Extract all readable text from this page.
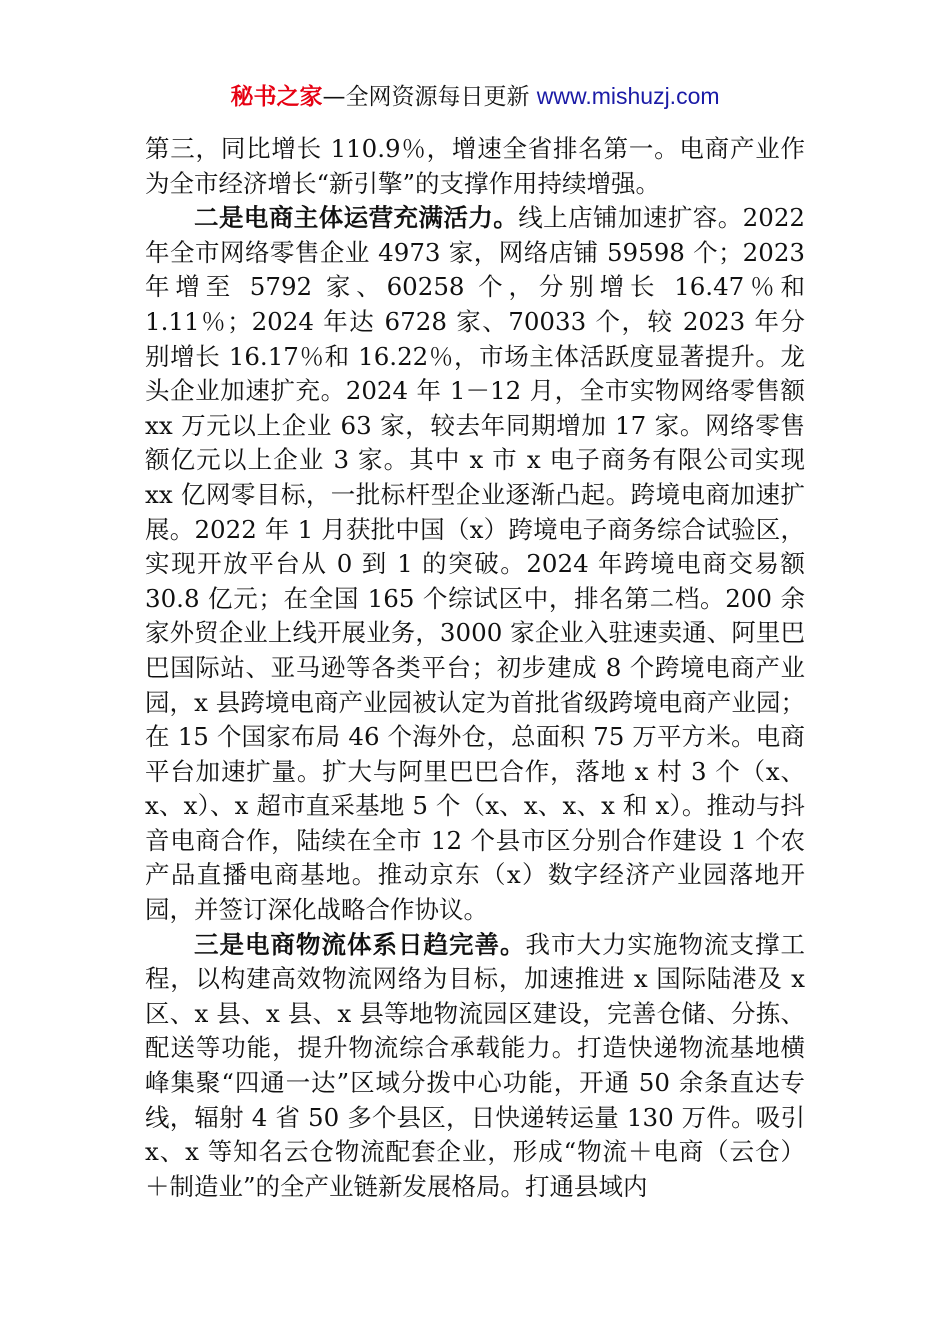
秘书之家—全网资源每日更新 www.mishuzj.com

第三，同比增长 110.9％，增速全省排名第一。电商产业作为全市经济增长“新引擎”的支撑作用持续增强。

二是电商主体运营充满活力。线上店铺加速扩容。2022 年全市网络零售企业 4973 家，网络店铺 59598 个；2023 年增至 5792 家、60258 个，分别增长 16.47％和 1.11％；2024 年达 6728 家、70033 个，较 2023 年分别增长 16.17％和 16.22％，市场主体活跃度显著提升。龙头企业加速扩充。2024 年 1－12 月，全市实物网络零售额 xx 万元以上企业 63 家，较去年同期增加 17 家。网络零售额亿元以上企业 3 家。其中 x 市 x 电子商务有限公司实现 xx 亿网零目标，一批标杆型企业逐渐凸起。跨境电商加速扩展。2022 年 1 月获批中国（x）跨境电子商务综合试验区，实现开放平台从 0 到 1 的突破。2024 年跨境电商交易额 30.8 亿元；在全国 165 个综试区中，排名第二档。200 余家外贸企业上线开展业务，3000 家企业入驻速卖通、阿里巴巴国际站、亚马逊等各类平台；初步建成 8 个跨境电商产业园，x 县跨境电商产业园被认定为首批省级跨境电商产业园；在 15 个国家布局 46 个海外仓，总面积 75 万平方米。电商平台加速扩量。扩大与阿里巴巴合作，落地 x 村 3 个（x、x、x）、x 超市直采基地 5 个（x、x、x、x 和 x）。推动与抖音电商合作，陆续在全市 12 个县市区分别合作建设 1 个农产品直播电商基地。推动京东（x）数字经济产业园落地开园，并签订深化战略合作协议。

三是电商物流体系日趋完善。我市大力实施物流支撑工程，以构建高效物流网络为目标，加速推进 x 国际陆港及 x 区、x 县、x 县、x 县等地物流园区建设，完善仓储、分拣、配送等功能，提升物流综合承载能力。打造快递物流基地横峰集聚“四通一达”区域分拨中心功能，开通 50 余条直达专线，辐射 4 省 50 多个县区，日快递转运量 130 万件。吸引 x、x 等知名云仓物流配套企业，形成“物流＋电商（云仓）＋制造业”的全产业链新发展格局。打通县域内
